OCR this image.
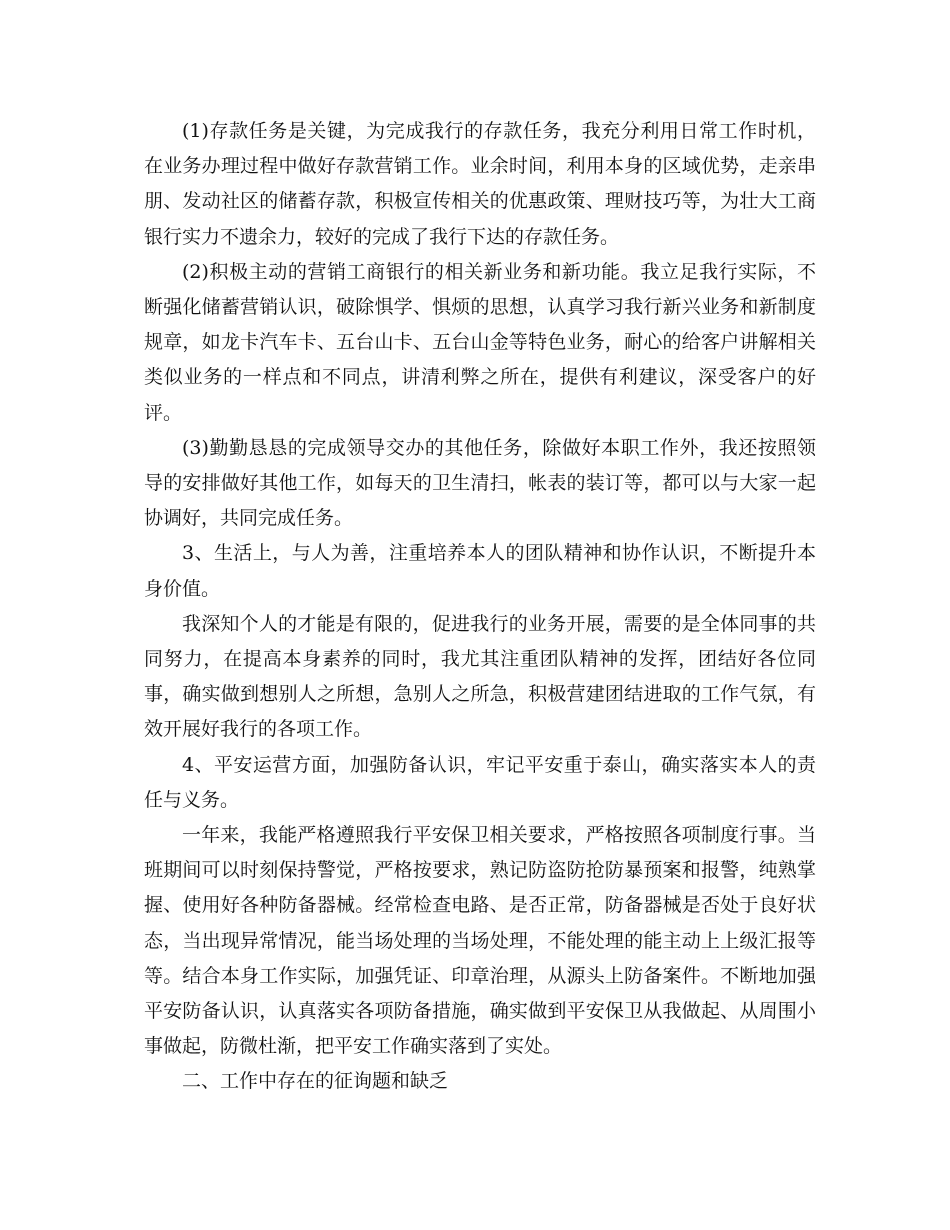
(1)存款任务是关键，为完成我行的存款任务，我充分利用日常工作时机，在业务办理过程中做好存款营销工作。业余时间，利用本身的区域优势，走亲串朋、发动社区的储蓄存款，积极宣传相关的优惠政策、理财技巧等，为壮大工商银行实力不遗余力，较好的完成了我行下达的存款任务。

(2)积极主动的营销工商银行的相关新业务和新功能。我立足我行实际，不断强化储蓄营销认识，破除惧学、惧烦的思想，认真学习我行新兴业务和新制度规章，如龙卡汽车卡、五台山卡、五台山金等特色业务，耐心的给客户讲解相关类似业务的一样点和不同点，讲清利弊之所在，提供有利建议，深受客户的好评。

(3)勤勤恳恳的完成领导交办的其他任务，除做好本职工作外，我还按照领导的安排做好其他工作，如每天的卫生清扫，帐表的装订等，都可以与大家一起协调好，共同完成任务。

3、生活上，与人为善，注重培养本人的团队精神和协作认识，不断提升本身价值。

我深知个人的才能是有限的，促进我行的业务开展，需要的是全体同事的共同努力，在提高本身素养的同时，我尤其注重团队精神的发挥，团结好各位同事，确实做到想别人之所想，急别人之所急，积极营建团结进取的工作气氛，有效开展好我行的各项工作。

4、平安运营方面，加强防备认识，牢记平安重于泰山，确实落实本人的责任与义务。

一年来，我能严格遵照我行平安保卫相关要求，严格按照各项制度行事。当班期间可以时刻保持警觉，严格按要求，熟记防盗防抢防暴预案和报警，纯熟掌握、使用好各种防备器械。经常检查电路、是否正常，防备器械是否处于良好状态，当出现异常情况，能当场处理的当场处理，不能处理的能主动上上级汇报等等。结合本身工作实际，加强凭证、印章治理，从源头上防备案件。不断地加强平安防备认识，认真落实各项防备措施，确实做到平安保卫从我做起、从周围小事做起，防微杜渐，把平安工作确实落到了实处。

二、工作中存在的征询题和缺乏
